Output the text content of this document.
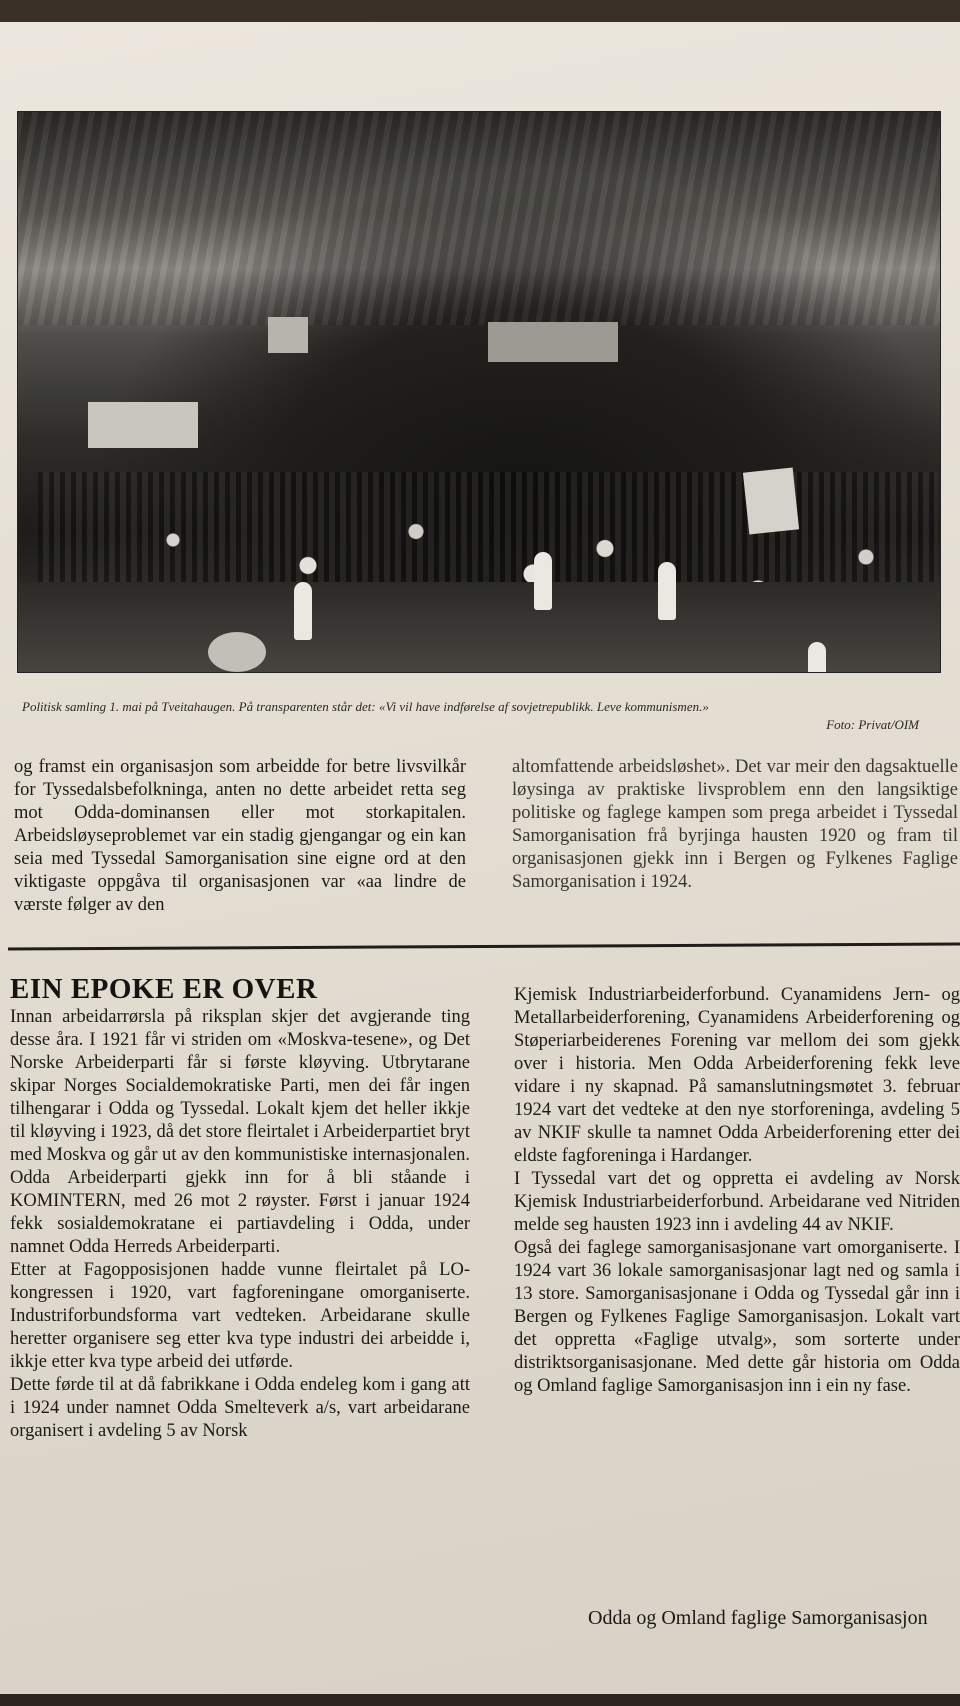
Politisk samling 1. mai på Tveitahaugen. På transparenten står det: «Vi vil have indførelse af sovjetrepublikk. Leve kommunismen.»
Foto: Privat/OIM

og framst ein organisasjon som arbeidde for betre livsvilkår for Tyssedalsbefolkninga, anten no dette arbeidet retta seg mot Odda-dominansen eller mot storkapitalen. Arbeidsløyseproblemet var ein stadig gjengangar og ein kan seia med Tyssedal Samorganisation sine eigne ord at den viktigaste oppgåva til organisasjonen var «aa lindre de værste følger av den

altomfattende arbeidsløshet». Det var meir den dagsaktuelle løysinga av praktiske livsproblem enn den langsiktige politiske og faglege kampen som prega arbeidet i Tyssedal Samorganisation frå byrjinga hausten 1920 og fram til organisasjonen gjekk inn i Bergen og Fylkenes Faglige Samorganisation i 1924.

EIN EPOKE ER OVER

Innan arbeidarrørsla på riksplan skjer det avgjerande ting desse åra. I 1921 får vi striden om «Moskva-tesene», og Det Norske Arbeiderparti får si første kløyving. Utbrytarane skipar Norges Socialdemokratiske Parti, men dei får ingen tilhengarar i Odda og Tyssedal. Lokalt kjem det heller ikkje til kløyving i 1923, då det store fleirtalet i Arbeiderpartiet bryt med Moskva og går ut av den kommunistiske internasjonalen. Odda Arbeiderparti gjekk inn for å bli ståande i KOMINTERN, med 26 mot 2 røyster. Først i januar 1924 fekk sosialdemokratane ei partiavdeling i Odda, under namnet Odda Herreds Arbeiderparti.

Etter at Fagopposisjonen hadde vunne fleirtalet på LO-kongressen i 1920, vart fagforeningane omorganiserte. Industriforbundsforma vart vedteken. Arbeidarane skulle heretter organisere seg etter kva type industri dei arbeidde i, ikkje etter kva type arbeid dei utførde.

Dette førde til at då fabrikkane i Odda endeleg kom i gang att i 1924 under namnet Odda Smelteverk a/s, vart arbeidarane organisert i avdeling 5 av Norsk

Kjemisk Industriarbeiderforbund. Cyanamidens Jern- og Metallarbeiderforening, Cyanamidens Arbeiderforening og Støperiarbeiderenes Forening var mellom dei som gjekk over i historia. Men Odda Arbeiderforening fekk leve vidare i ny skapnad. På samanslutningsmøtet 3. februar 1924 vart det vedteke at den nye storforeninga, avdeling 5 av NKIF skulle ta namnet Odda Arbeiderforening etter dei eldste fagforeninga i Hardanger.

I Tyssedal vart det og oppretta ei avdeling av Norsk Kjemisk Industriarbeiderforbund. Arbeidarane ved Nitriden melde seg hausten 1923 inn i avdeling 44 av NKIF.

Også dei faglege samorganisasjonane vart omorganiserte. I 1924 vart 36 lokale samorganisasjonar lagt ned og samla i 13 store. Samorganisasjonane i Odda og Tyssedal går inn i Bergen og Fylkenes Faglige Samorganisasjon. Lokalt vart det oppretta «Faglige utvalg», som sorterte under distriktsorganisasjonane. Med dette går historia om Odda og Omland faglige Samorganisasjon inn i ein ny fase.

Odda og Omland faglige Samorganisasjon
